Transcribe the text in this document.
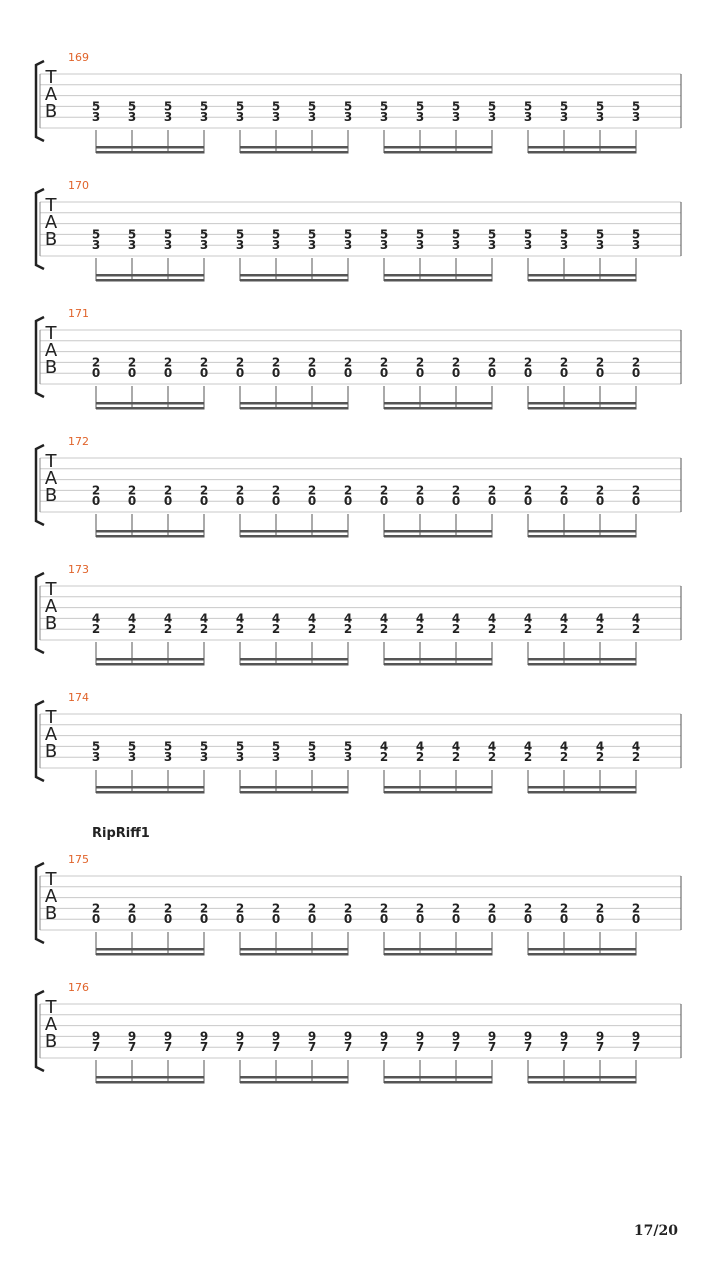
169
T
A
B	5
3
5
3
5
3
5
3
5
3
5
3
5
3
5
3
5
3
5
3
5
3
5
3
5
3
5
3
5
3
5
3
170
T
A
B	5
3
5
3
5
3
5
3
5
3
5
3
5
3
5
3
5
3
5
3
5
3
5
3
5
3
5
3
5
3
5
3
171
T
A
B	2
0
2
0
2
0
2
0
2
0
2
0
2
0
2
0
2
0
2
0
2
0
2
0
2
0
2
0
2
0
2
0
172
T
A
B	2
0
2
0
2
0
2
0
2
0
2
0
2
0
2
0
2
0
2
0
2
0
2
0
2
0
2
0
2
0
2
0
173
T
A
B	4
2
4
2
4
2
4
2
4
2
4
2
4
2
4
2
4
2
4
2
4
2
4
2
4
2
4
2
4
2
4
2
174
T
A
B	5
3
5
3
5
3
5
3
5
3
5
3
5
3
5
3
4
2
4
2
4
2
4
2
4
2
4
2
4
2
4
2
RipRiff1
175
T
A
B	2
0
2
0
2
0
2
0
2
0
2
0
2
0
2
0
2
0
2
0
2
0
2
0
2
0
2
0
2
0
2
0
176
T
A
B	9
7
9
7
9
7
9
7
9
7
9
7
9
7
9
7
9
7
9
7
9
7
9
7
9
7
9
7
9
7
9
7
17/20
